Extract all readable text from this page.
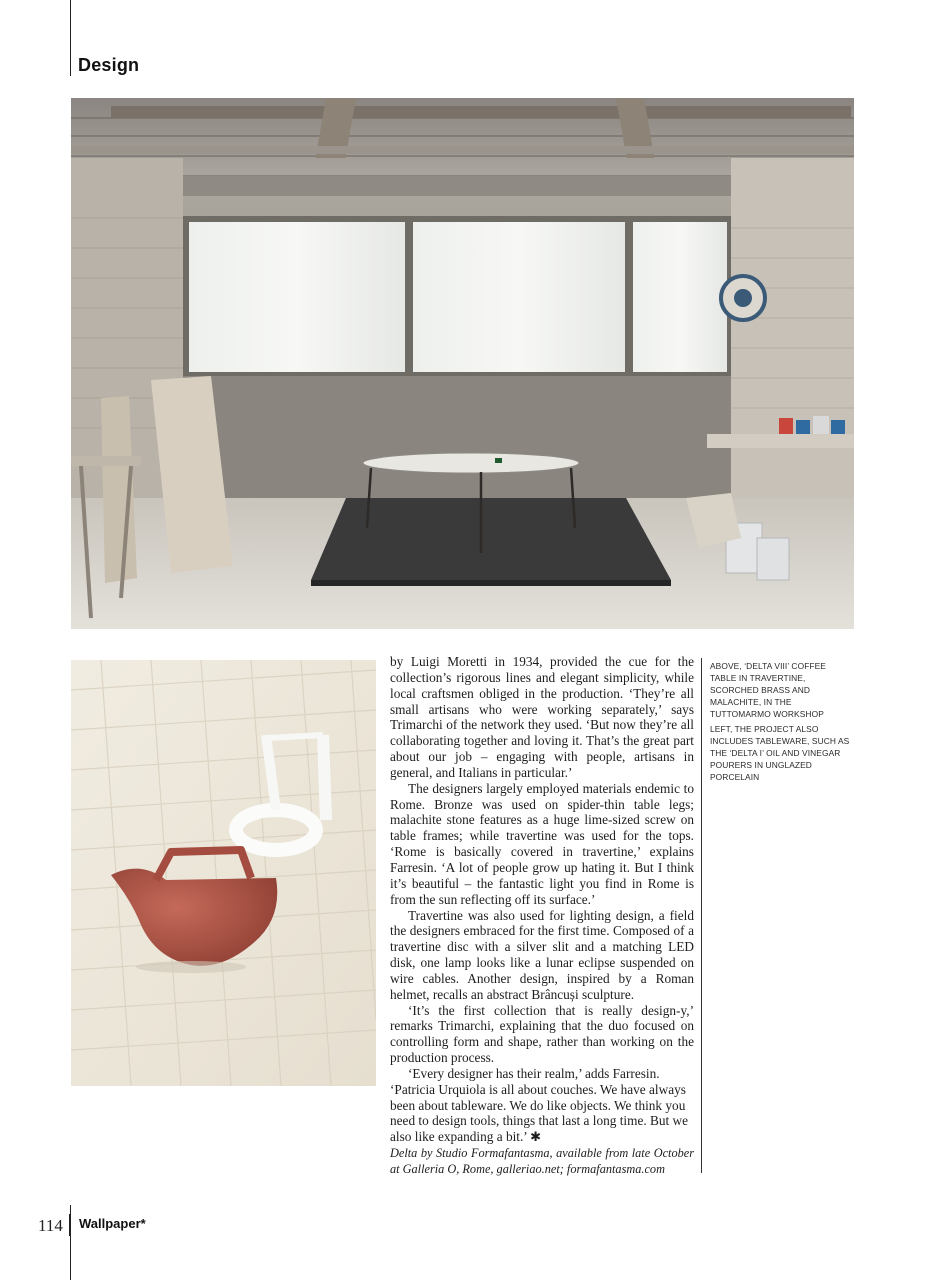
Design

by Luigi Moretti in 1934, provided the cue for the collection’s rigorous lines and elegant simplicity, while local craftsmen obliged in the production. ‘They’re all small artisans who were working separately,’ says Trimarchi of the network they used. ‘But now they’re all collaborating together and loving it. That’s the great part about our job – engaging with people, artisans in general, and Italians in particular.’

The designers largely employed materials endemic to Rome. Bronze was used on spider-thin table legs; malachite stone features as a huge lime-sized screw on table frames; while travertine was used for the tops. ‘Rome is basically covered in travertine,’ explains Farresin. ‘A lot of people grow up hating it. But I think it’s beautiful – the fantastic light you find in Rome is from the sun reflecting off its surface.’

Travertine was also used for lighting design, a field the designers embraced for the first time. Composed of a travertine disc with a silver slit and a matching LED disk, one lamp looks like a lunar eclipse suspended on wire cables. Another design, inspired by a Roman helmet, recalls an abstract Brâncuși sculpture.

‘It’s the first collection that is really design-y,’ remarks Trimarchi, explaining that the duo focused on controlling form and shape, rather than working on the production process.

‘Every designer has their realm,’ adds Farresin. ‘Patricia Urquiola is all about couches. We have always been about tableware. We do like objects. We think you need to design tools, things that last a long time. But we also like expanding a bit.’ ✱

Delta by Studio Formafantasma, available from late October at Galleria O, Rome, galleriao.net; formafantasma.com

ABOVE, ‘DELTA VIII’ COFFEE TABLE IN TRAVERTINE, SCORCHED BRASS AND MALACHITE, IN THE TUTTOMARMO WORKSHOP

LEFT, THE PROJECT ALSO INCLUDES TABLEWARE, SUCH AS THE ‘DELTA I’ OIL AND VINEGAR POURERS IN UNGLAZED PORCELAIN

114 Wallpaper*
